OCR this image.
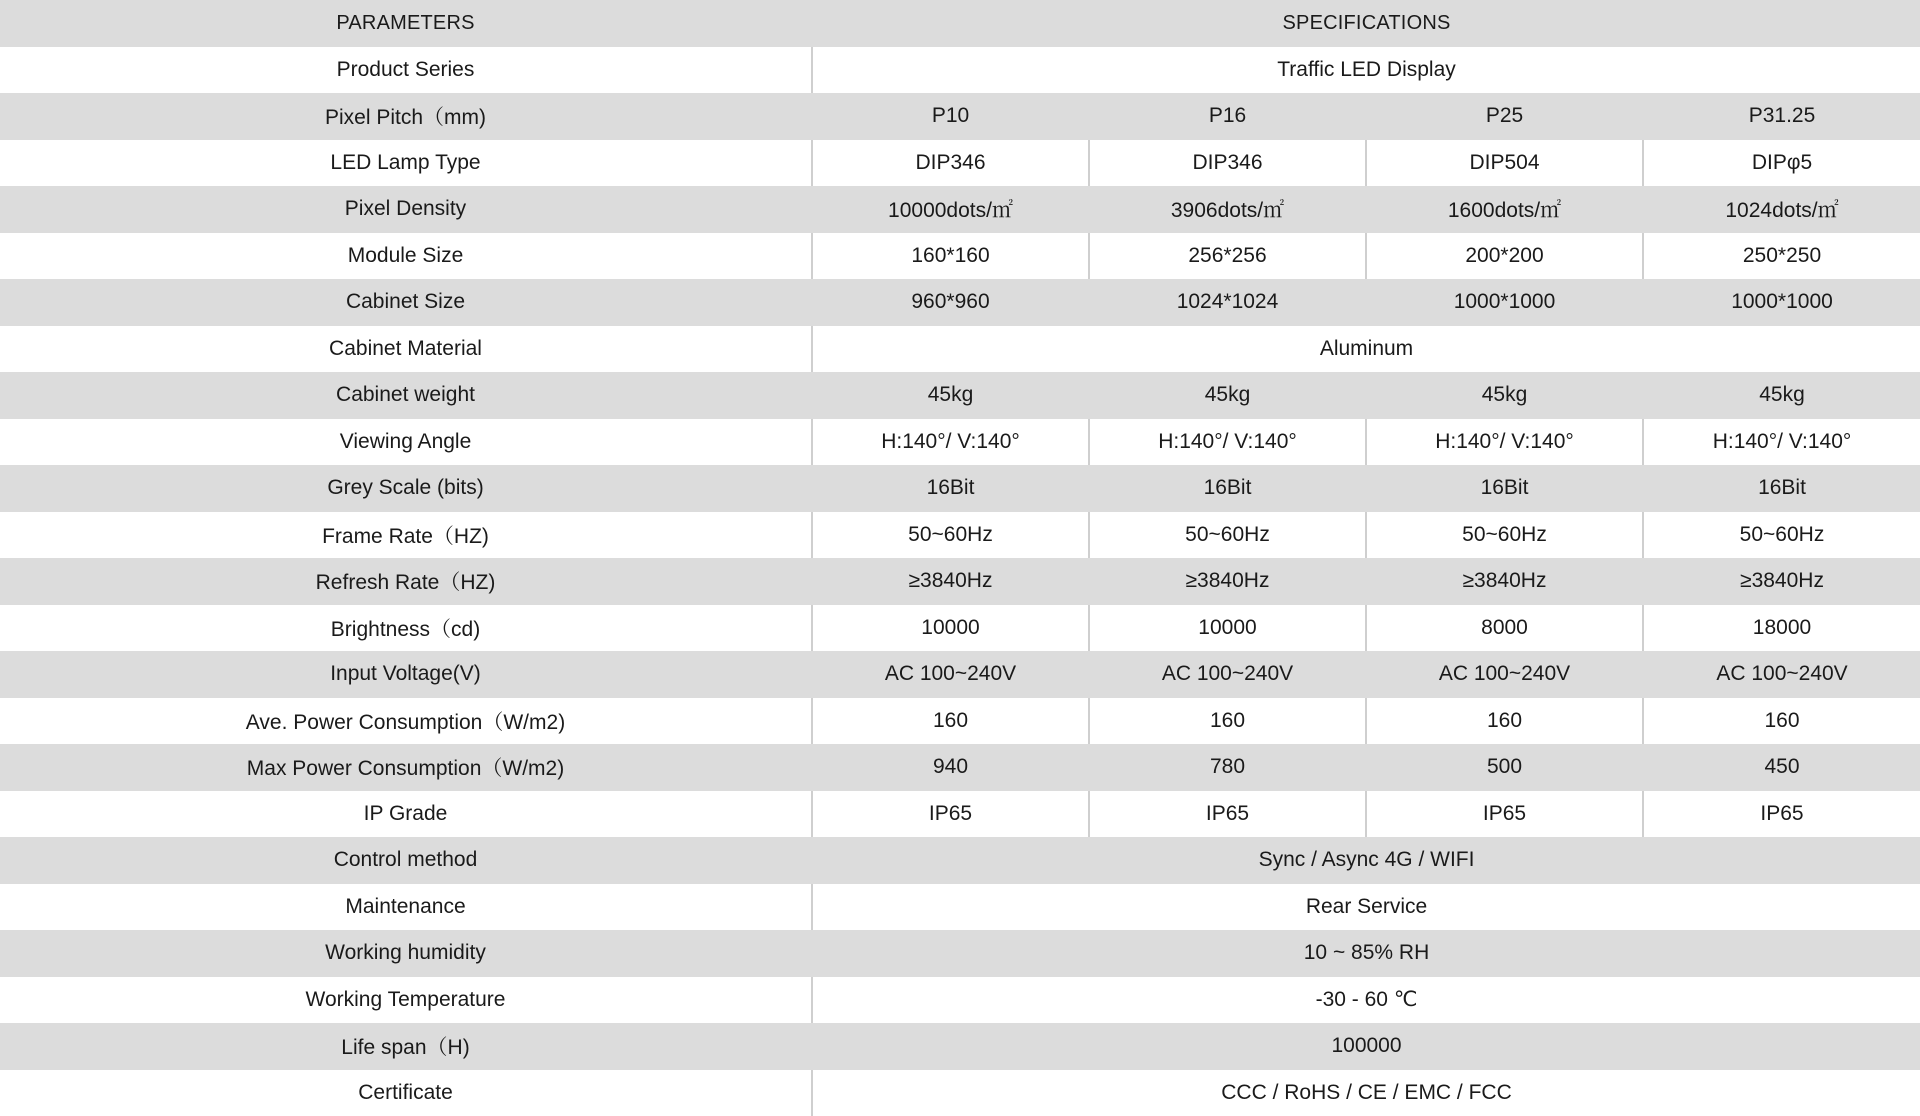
PARAMETERS	SPECIFICATIONS			
Product Series	Traffic LED Display			
Pixel Pitch（mm)	P10	P16	P25	P31.25
LED Lamp Type	DIP346	DIP346	DIP504	DIPφ5
Pixel Density	10000dots/㎡	3906dots/㎡	1600dots/㎡	1024dots/㎡
Module Size	160*160	256*256	200*200	250*250
Cabinet Size	960*960	1024*1024	1000*1000	1000*1000
Cabinet Material	Aluminum			
Cabinet weight	45kg	45kg	45kg	45kg
Viewing Angle	H:140°/ V:140°	H:140°/ V:140°	H:140°/ V:140°	H:140°/ V:140°
Grey Scale (bits)	16Bit	16Bit	16Bit	16Bit
Frame Rate（HZ)	50~60Hz	50~60Hz	50~60Hz	50~60Hz
Refresh Rate（HZ)	≥3840Hz	≥3840Hz	≥3840Hz	≥3840Hz
Brightness（cd)	10000	10000	8000	18000
Input Voltage(V)	AC 100~240V	AC 100~240V	AC 100~240V	AC 100~240V
Ave. Power Consumption（W/m2)	160	160	160	160
Max Power Consumption（W/m2)	940	780	500	450
IP Grade	IP65	IP65	IP65	IP65
Control method	Sync / Async 4G / WIFI			
Maintenance	Rear Service			
Working humidity	10 ~ 85% RH			
Working Temperature	-30 - 60 ℃			
Life span（H)	100000			
Certificate	CCC / RoHS / CE / EMC / FCC			
